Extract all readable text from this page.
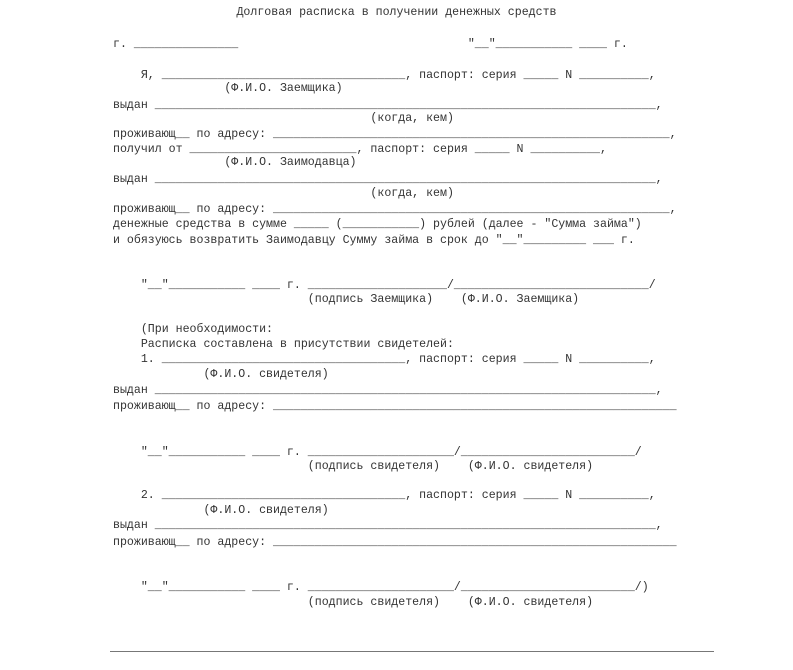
Долговая расписка в получении денежных средств

г. _______________                                 "__"___________ ____ г.

Я, ___________________________________, паспорт: серия _____ N __________,

(Ф.И.О. Заемщика)

выдан ________________________________________________________________________,

(когда, кем)

проживающ__ по адресу: _________________________________________________________,

получил от ________________________, паспорт: серия _____ N __________,

(Ф.И.О. Заимодавца)

выдан ________________________________________________________________________,

(когда, кем)

проживающ__ по адресу: _________________________________________________________,

денежные средства в сумме _____ (___________) рублей (далее - "Сумма займа")

и обязуюсь возвратить Заимодавцу Сумму займа в срок до "__"_________ ___ г.

"__"___________ ____ г. ____________________/____________________________/

(подпись Заемщика)    (Ф.И.О. Заемщика)

(При необходимости:

Расписка составлена в присутствии свидетелей:

1. ___________________________________, паспорт: серия _____ N __________,

(Ф.И.О. свидетеля)

выдан ________________________________________________________________________,

проживающ__ по адресу: __________________________________________________________

"__"___________ ____ г. _____________________/_________________________/

(подпись свидетеля)    (Ф.И.О. свидетеля)

2. ___________________________________, паспорт: серия _____ N __________,

(Ф.И.О. свидетеля)

выдан ________________________________________________________________________,

проживающ__ по адресу: __________________________________________________________

"__"___________ ____ г. _____________________/_________________________/)

(подпись свидетеля)    (Ф.И.О. свидетеля)
